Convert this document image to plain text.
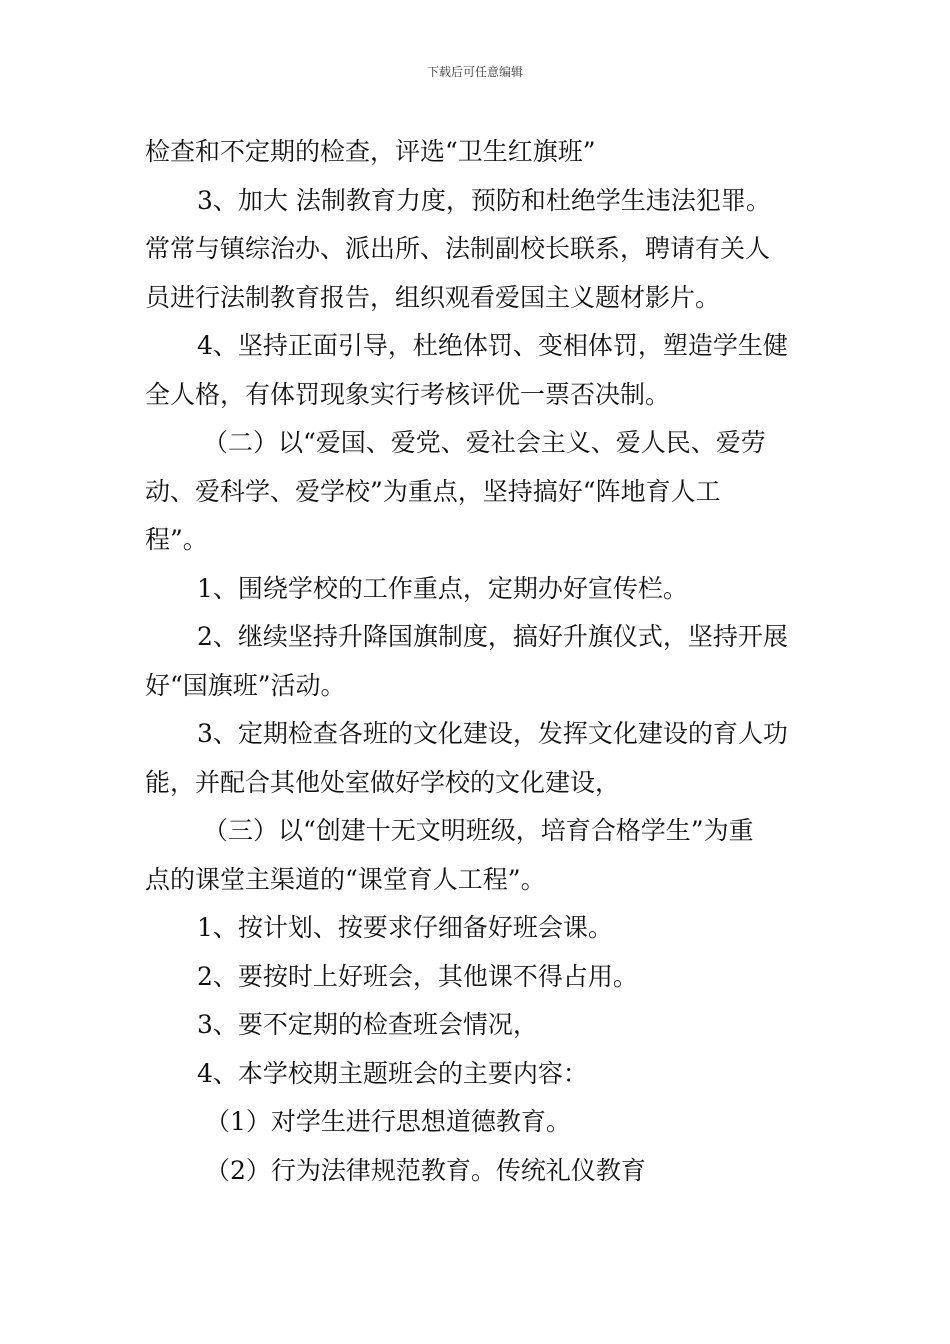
下载后可任意编辑

检查和不定期的检查，评选“卫生红旗班”

3、加大 法制教育力度，预防和杜绝学生违法犯罪。

常常与镇综治办、派出所、法制副校长联系，聘请有关人

员进行法制教育报告，组织观看爱国主义题材影片。

4、坚持正面引导，杜绝体罚、变相体罚，塑造学生健

全人格，有体罚现象实行考核评优一票否决制。

（二）以“爱国、爱党、爱社会主义、爱人民、爱劳

动、爱科学、爱学校”为重点，坚持搞好“阵地育人工

程”。

1、围绕学校的工作重点，定期办好宣传栏。

2、继续坚持升降国旗制度，搞好升旗仪式，坚持开展

好“国旗班”活动。

3、定期检查各班的文化建设，发挥文化建设的育人功

能，并配合其他处室做好学校的文化建设，

（三）以“创建十无文明班级，培育合格学生”为重

点的课堂主渠道的“课堂育人工程”。

1、按计划、按要求仔细备好班会课。

2、要按时上好班会，其他课不得占用。

3、要不定期的检查班会情况，

4、本学校期主题班会的主要内容：

（1）对学生进行思想道德教育。

（2）行为法律规范教育。传统礼仪教育
